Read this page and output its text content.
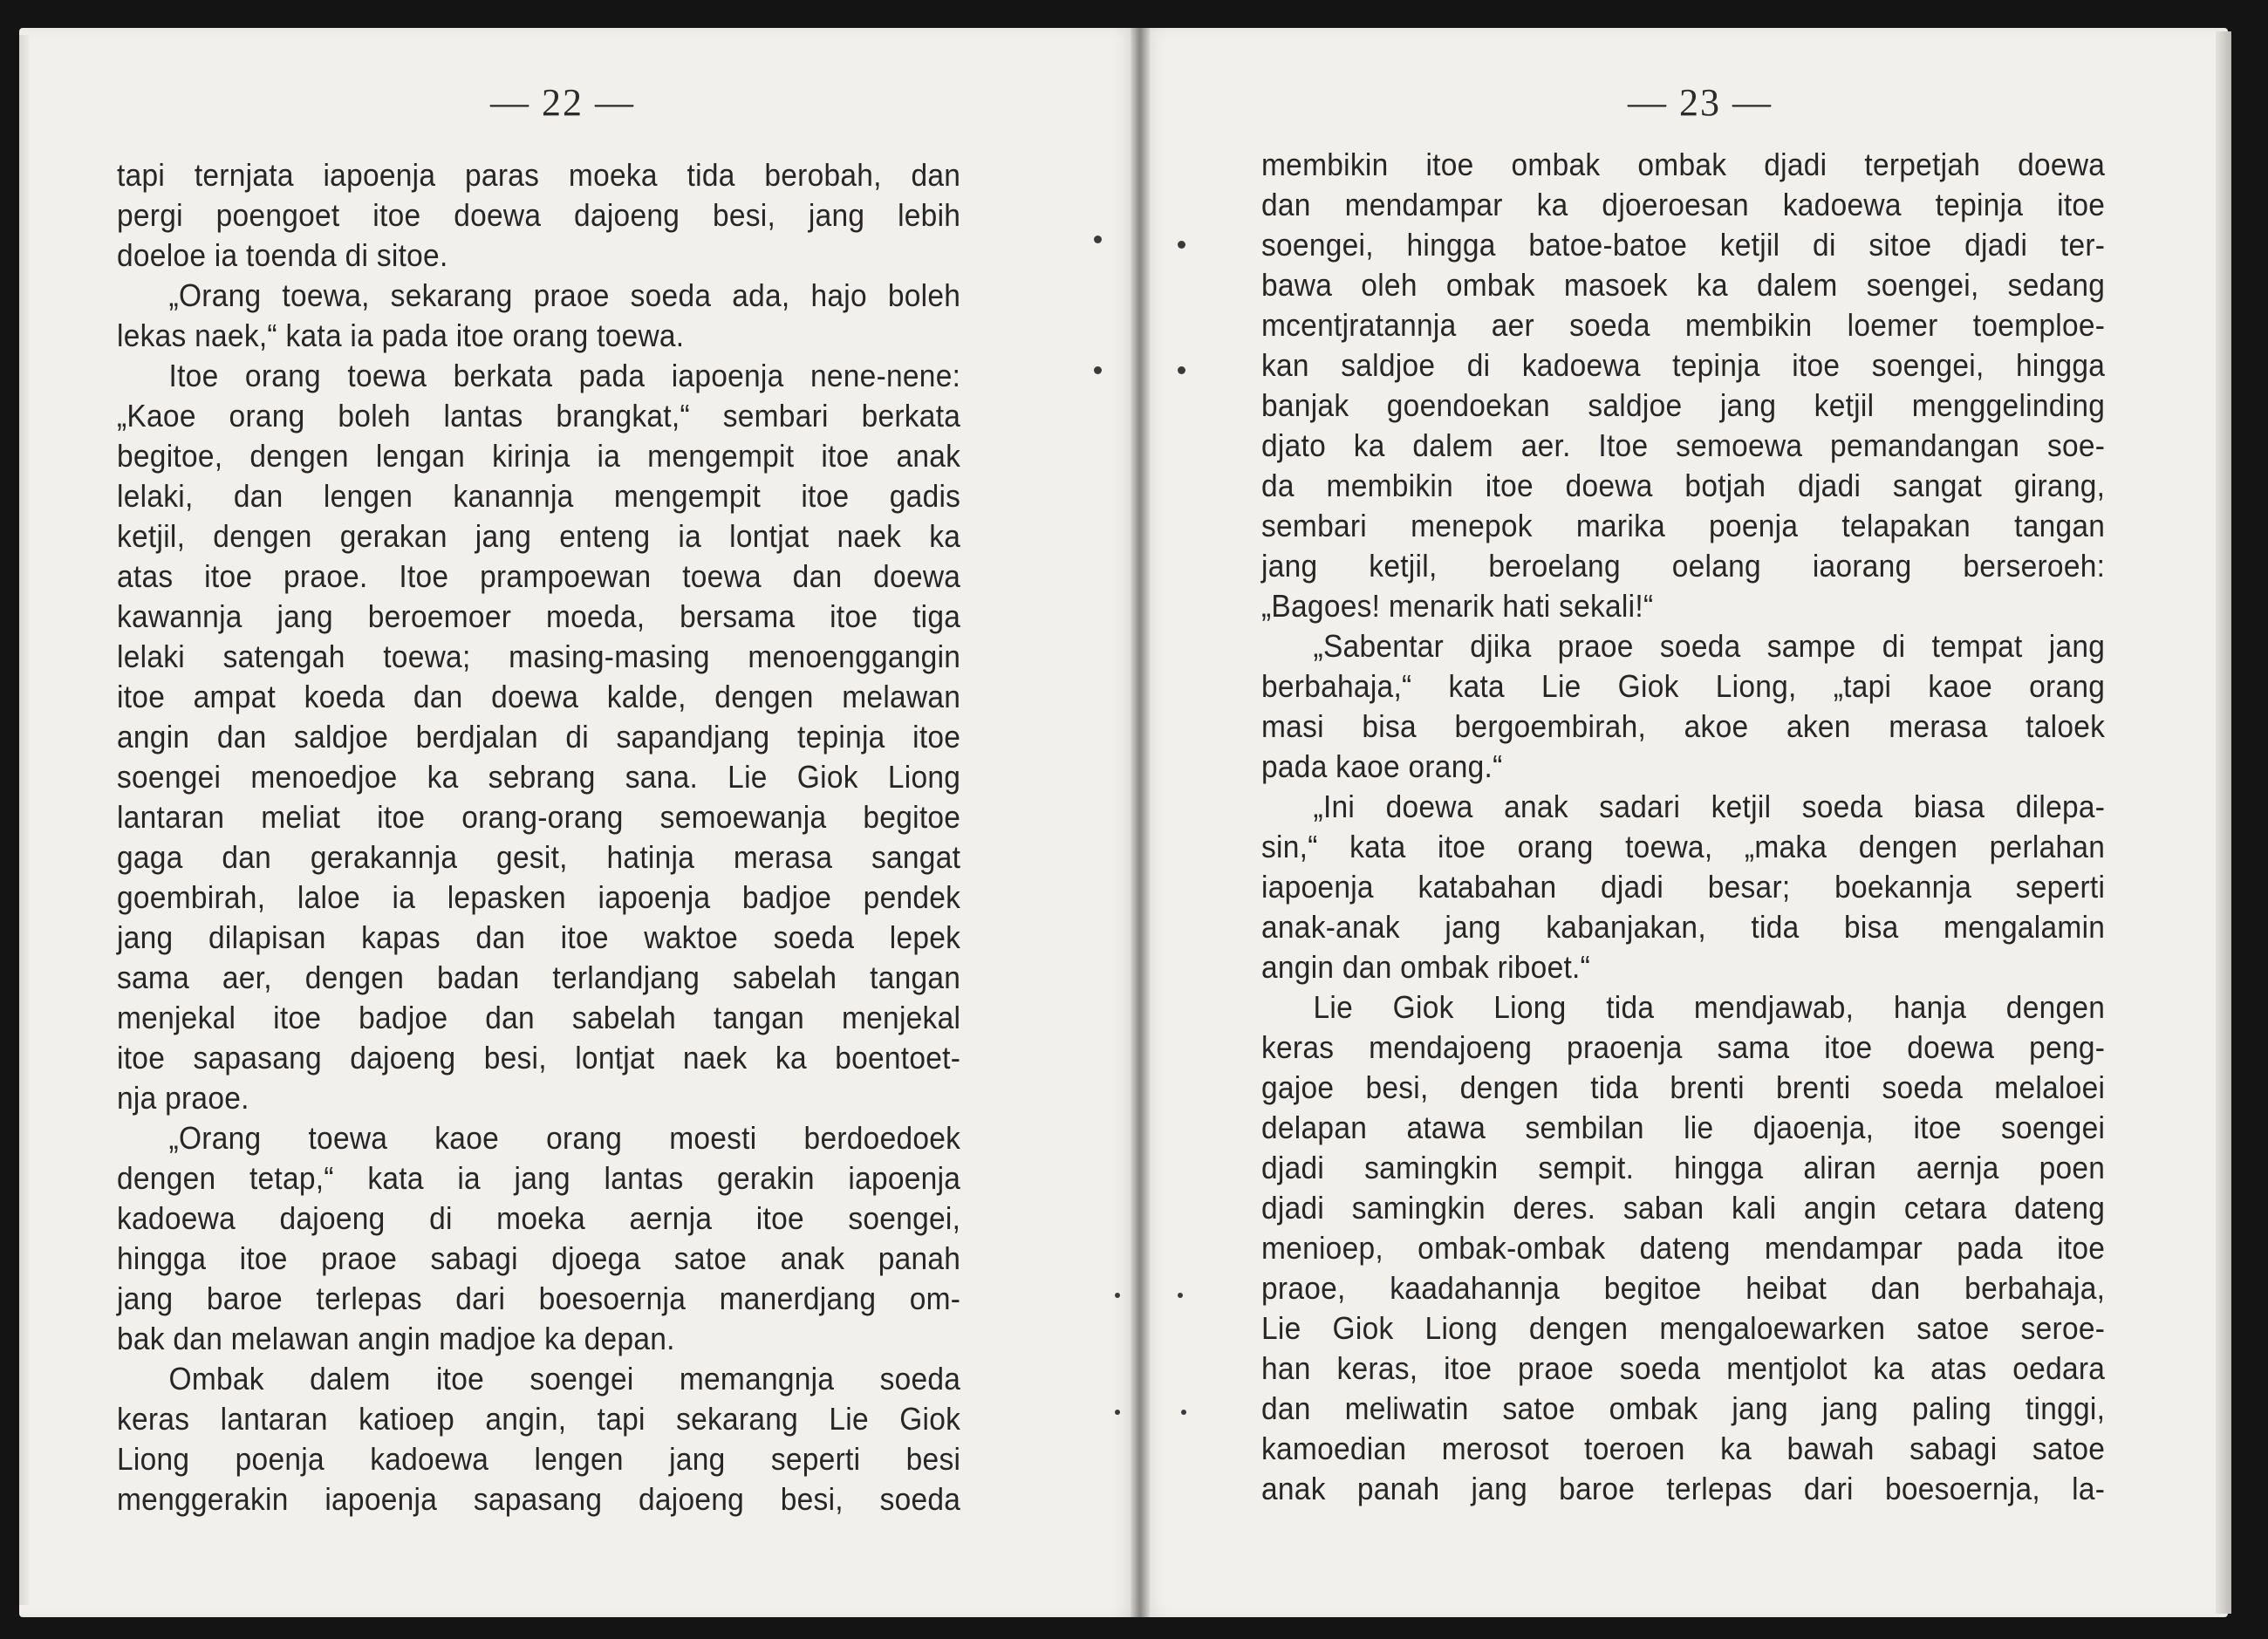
— 22 —
tapi ternjata iapoenja paras moeka tida berobah, dan
pergi poengoet itoe doewa dajoeng besi, jang lebih
doeloe ia toenda di sitoe.
„Orang toewa, sekarang praoe soeda ada, hajo boleh
lekas naek,“ kata ia pada itoe orang toewa.
Itoe orang toewa berkata pada iapoenja nene-nene:
„Kaoe orang boleh lantas brangkat,“ sembari berkata
begitoe, dengen lengan kirinja ia mengempit itoe anak
lelaki, dan lengen kanannja mengempit itoe gadis
ketjil, dengen gerakan jang enteng ia lontjat naek ka
atas itoe praoe. Itoe prampoewan toewa dan doewa
kawannja jang beroemoer moeda, bersama itoe tiga
lelaki satengah toewa; masing-masing menoenggangin
itoe ampat koeda dan doewa kalde, dengen melawan
angin dan saldjoe berdjalan di sapandjang tepinja itoe
soengei menoedjoe ka sebrang sana. Lie Giok Liong
lantaran meliat itoe orang-orang semoewanja begitoe
gaga dan gerakannja gesit, hatinja merasa sangat
goembirah, laloe ia lepasken iapoenja badjoe pendek
jang dilapisan kapas dan itoe waktoe soeda lepek
sama aer, dengen badan terlandjang sabelah tangan
menjekal itoe badjoe dan sabelah tangan menjekal
itoe sapasang dajoeng besi, lontjat naek ka boentoet-
nja praoe.
„Orang toewa kaoe orang moesti berdoedoek
dengen tetap,“ kata ia jang lantas gerakin iapoenja
kadoewa dajoeng di moeka aernja itoe soengei,
hingga itoe praoe sabagi djoega satoe anak panah
jang baroe terlepas dari boesoernja manerdjang om-
bak dan melawan angin madjoe ka depan.
Ombak dalem itoe soengei memangnja soeda
keras lantaran katioep angin, tapi sekarang Lie Giok
Liong poenja kadoewa lengen jang seperti besi
menggerakin iapoenja sapasang dajoeng besi, soeda
— 23 —
membikin itoe ombak ombak djadi terpetjah doewa
dan mendampar ka djoeroesan kadoewa tepinja itoe
soengei, hingga batoe-batoe ketjil di sitoe djadi ter-
bawa oleh ombak masoek ka dalem soengei, sedang
mcentjratannja aer soeda membikin loemer toemploe-
kan saldjoe di kadoewa tepinja itoe soengei, hingga
banjak goendoekan saldjoe jang ketjil menggelinding
djato ka dalem aer. Itoe semoewa pemandangan soe-
da membikin itoe doewa botjah djadi sangat girang,
sembari menepok marika poenja telapakan tangan
jang ketjil, beroelang oelang iaorang berseroeh:
„Bagoes! menarik hati sekali!“
„Sabentar djika praoe soeda sampe di tempat jang
berbahaja,“ kata Lie Giok Liong, „tapi kaoe orang
masi bisa bergoembirah, akoe aken merasa taloek
pada kaoe orang.“
„Ini doewa anak sadari ketjil soeda biasa dilepa-
sin,“ kata itoe orang toewa, „maka dengen perlahan
iapoenja katabahan djadi besar; boekannja seperti
anak-anak jang kabanjakan, tida bisa mengalamin
angin dan ombak riboet.“
Lie Giok Liong tida mendjawab, hanja dengen
keras mendajoeng praoenja sama itoe doewa peng-
gajoe besi, dengen tida brenti brenti soeda melaloei
delapan atawa sembilan lie djaoenja, itoe soengei
djadi samingkin sempit. hingga aliran aernja poen
djadi samingkin deres. saban kali angin cetara dateng
menioep, ombak-ombak dateng mendampar pada itoe
praoe, kaadahannja begitoe heibat dan berbahaja,
Lie Giok Liong dengen mengaloewarken satoe seroe-
han keras, itoe praoe soeda mentjolot ka atas oedara
dan meliwatin satoe ombak jang jang paling tinggi,
kamoedian merosot toeroen ka bawah sabagi satoe
anak panah jang baroe terlepas dari boesoernja, la-
